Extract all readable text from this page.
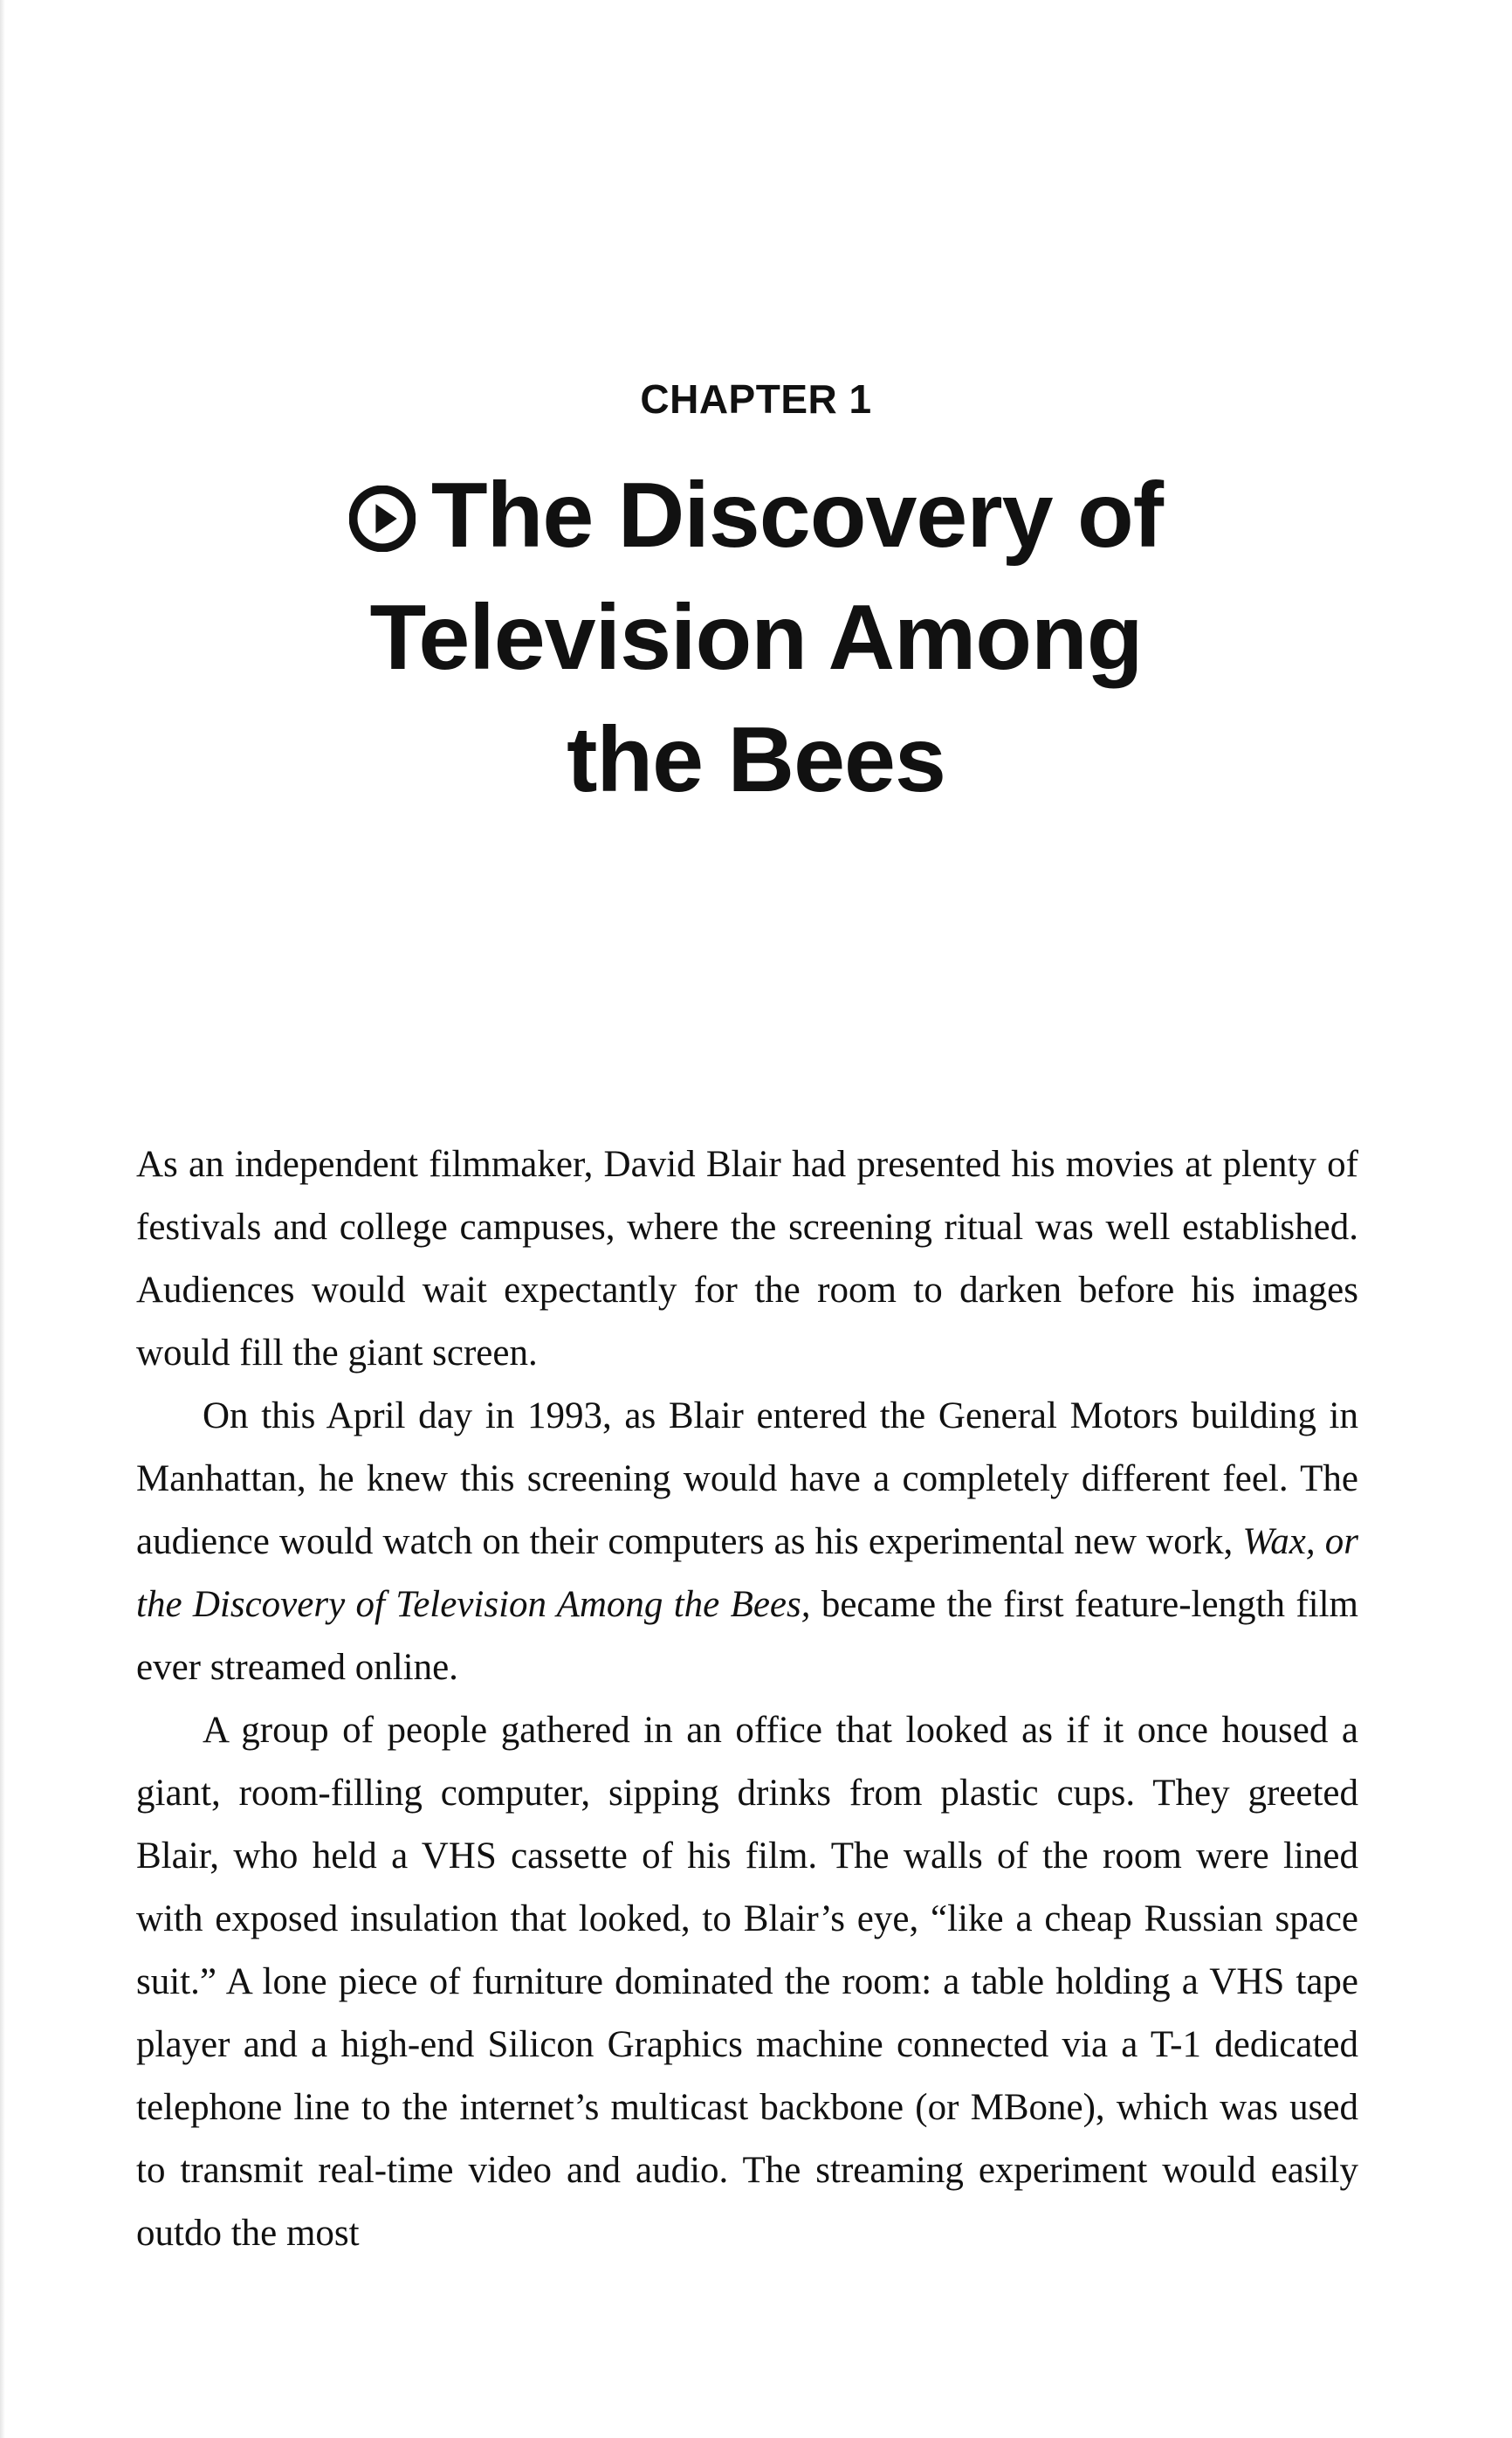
CHAPTER 1
The Discovery of
Television Among
the Bees

As an independent filmmaker, David Blair had presented his movies at plenty of festivals and college campuses, where the screening ritual was well established. Audiences would wait expectantly for the room to darken before his images would fill the giant screen.

On this April day in 1993, as Blair entered the General Motors building in Manhattan, he knew this screening would have a completely different feel. The audience would watch on their computers as his experimental new work, Wax, or the Discovery of Television Among the Bees, became the first feature-length film ever streamed online.

A group of people gathered in an office that looked as if it once housed a giant, room-filling computer, sipping drinks from plastic cups. They greeted Blair, who held a VHS cassette of his film. The walls of the room were lined with exposed insulation that looked, to Blair’s eye, “like a cheap Russian space suit.” A lone piece of furniture dominated the room: a table holding a VHS tape player and a high-end Silicon Graphics machine connected via a T-1 dedicated telephone line to the internet’s multicast backbone (or MBone), which was used to transmit real-time video and audio. The streaming experiment would easily outdo the most
